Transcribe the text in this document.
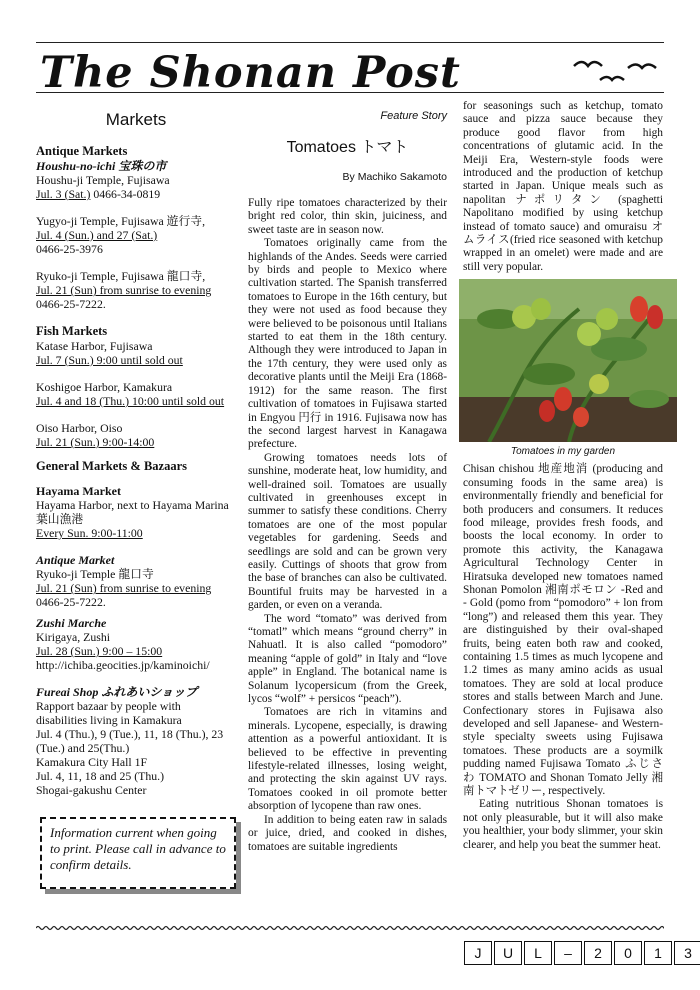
The Shonan Post
Markets

Antique Markets

Houshu-no-ichi 宝珠の市

Houshu-ji Temple, Fujisawa

Jul. 3 (Sat.) 0466-34-0819

Yugyo-ji Temple, Fujisawa 遊行寺,

Jul. 4 (Sun.) and 27 (Sat.)

0466-25-3976

Ryuko-ji Temple, Fujisawa 龍口寺,

Jul. 21 (Sun) from sunrise to evening

0466-25-7222.

Fish Markets

Katase Harbor, Fujisawa

Jul. 7 (Sun.) 9:00 until sold out

Koshigoe Harbor, Kamakura

Jul. 4 and 18 (Thu.) 10:00 until sold out

Oiso Harbor, Oiso

Jul. 21 (Sun.) 9:00-14:00

General Markets & Bazaars

Hayama Market

Hayama Harbor, next to Hayama Marina

葉山漁港

Every Sun. 9:00-11:00

Antique Market

Ryuko-ji Temple 龍口寺

Jul. 21 (Sun) from sunrise to evening

0466-25-7222.

Zushi Marche

Kirigaya, Zushi

Jul. 28 (Sun.) 9:00 – 15:00

http://ichiba.geocities.jp/kaminoichi/

Fureai Shop ふれあいショップ

Rapport bazaar by people with

disabilities living in Kamakura

Jul. 4 (Thu.), 9 (Tue.), 11, 18 (Thu.), 23

(Tue.) and 25(Thu.)

Kamakura City Hall 1F

Jul. 4, 11, 18 and 25 (Thu.)

Shogai-gakushu Center

Information current when going to print. Please call in advance to confirm details.
Feature Story
Tomatoes トマト
By Machiko Sakamoto

Fully ripe tomatoes characterized by their bright red color, thin skin, juiciness, and sweet taste are in season now.

Tomatoes originally came from the highlands of the Andes. Seeds were carried by birds and people to Mexico where cultivation started. The Spanish transferred tomatoes to Europe in the 16th century, but they were not used as food because they were believed to be poisonous until Italians started to eat them in the 18th century. Although they were introduced to Japan in the 17th century, they were used only as decorative plants until the Meiji Era (1868-1912) for the same reason. The first cultivation of tomatoes in Fujisawa started in Engyou 円行 in 1916. Fujisawa now has the second largest harvest in Kanagawa prefecture.

Growing tomatoes needs lots of sunshine, moderate heat, low humidity, and well-drained soil. Tomatoes are usually cultivated in greenhouses except in summer to satisfy these conditions. Cherry tomatoes are one of the most popular vegetables for gardening. Seeds and seedlings are sold and can be grown very easily. Cuttings of shoots that grow from the base of branches can also be cultivated. Bountiful fruits may be harvested in a garden, or even on a veranda.

The word “tomato” was derived from “tomatl” which means “ground cherry” in Nahuatl. It is also called “pomodoro” meaning “apple of gold” in Italy and “love apple” in England. The botanical name is Solanum lycopersicum (from the Greek, lycos “wolf” + persicos “peach”).

Tomatoes are rich in vitamins and minerals. Lycopene, especially, is drawing attention as a powerful antioxidant. It is believed to be effective in preventing lifestyle-related illnesses, losing weight, and protecting the skin against UV rays. Tomatoes cooked in oil promote better absorption of lycopene than raw ones.

In addition to being eaten raw in salads or juice, dried, and cooked in dishes, tomatoes are suitable ingredients

for seasonings such as ketchup, tomato sauce and pizza sauce because they produce good flavor from high concentrations of glutamic acid. In the Meiji Era, Western-style foods were introduced and the production of ketchup started in Japan. Unique meals such as napolitan ナポリタン (spaghetti Napolitano modified by using ketchup instead of tomato sauce) and omuraisu オムライス(fried rice seasoned with ketchup wrapped in an omelet) were made and are still very popular.

Tomatoes in my garden

Chisan chishou 地産地消 (producing and consuming foods in the same area) is environmentally friendly and beneficial for both producers and consumers. It reduces food mileage, provides fresh foods, and boosts the local economy. In order to promote this activity, the Kanagawa Agricultural Technology Center in Hiratsuka developed new tomatoes named Shonan Pomolon 湘南ポモロン -Red and - Gold (pomo from “pomodoro” + lon from “long”) and released them this year. They are distinguished by their oval-shaped fruits, being eaten both raw and cooked, containing 1.5 times as much lycopene and 1.2 times as many amino acids as usual tomatoes. They are sold at local produce stores and stalls between March and June. Confectionary stores in Fujisawa also developed and sell Japanese- and Western-style specialty sweets using Fujisawa tomatoes. These products are a soymilk pudding named Fujisawa Tomato ふじさわ TOMATO and Shonan Tomato Jelly 湘南トマトゼリー, respectively.

Eating nutritious Shonan tomatoes is not only pleasurable, but it will also make you healthier, your body slimmer, your skin clearer, and help you beat the summer heat.

J	U	L	–	2	0	1	3
